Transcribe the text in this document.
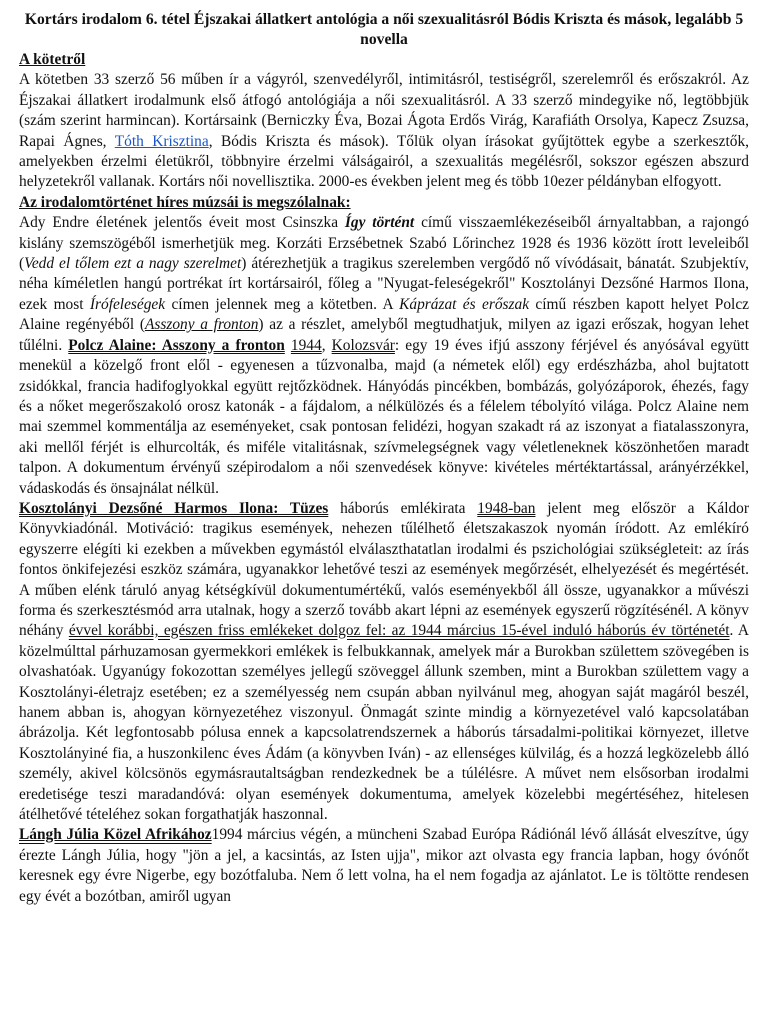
Kortárs irodalom 6. tétel Éjszakai állatkert antológia a női szexualitásról Bódis Kriszta és mások, legalább 5 novella

A kötetről

A kötetben 33 szerző 56 műben ír a vágyról, szenvedélyről, intimitásról, testiségről, szerelemről és erőszakról. Az Éjszakai állatkert irodalmunk első átfogó antológiája a női szexualitásról. A 33 szerző mindegyike nő, legtöbbjük (szám szerint harmincan). Kortársaink (Berniczky Éva, Bozai Ágota Erdős Virág, Karafiáth Orsolya, Kapecz Zsuzsa, Rapai Ágnes, Tóth Krisztina, Bódis Kriszta és mások). Tőlük olyan írásokat gyűjtöttek egybe a szerkesztők, amelyekben érzelmi életükről, többnyire érzelmi válságairól, a szexualitás megélésről, sokszor egészen abszurd helyzetekről vallanak. Kortárs női novellisztika. 2000-es években jelent meg és több 10ezer példányban elfogyott.

Az irodalomtörténet híres múzsái is megszólalnak:

Ady Endre életének jelentős éveit most Csinszka Így történt című visszaemlékezéseiből árnyaltabban, a rajongó kislány szemszögéből ismerhetjük meg. Korzáti Erzsébetnek Szabó Lőrinchez 1928 és 1936 között írott leveleiből (Vedd el tőlem ezt a nagy szerelmet) átérezhetjük a tragikus szerelemben vergődő nő vívódásait, bánatát. Szubjektív, néha kíméletlen hangú portrékat írt kortársairól, főleg a "Nyugat-feleségekről" Kosztolányi Dezsőné Harmos Ilona, ezek most Írófeleségek címen jelennek meg a kötetben. A Káprázat és erőszak című részben kapott helyet Polcz Alaine regényéből (Asszony a fronton) az a részlet, amelyből megtudhatjuk, milyen az igazi erőszak, hogyan lehet tűlélni. Polcz Alaine: Asszony a fronton 1944, Kolozsvár: egy 19 éves ifjú asszony férjével és anyósával együtt menekül a közelgő front elől - egyenesen a tűzvonalba, majd (a németek elől) egy erdészházba, ahol bujtatott zsidókkal, francia hadifoglyokkal együtt rejtőzködnek. Hányódás pincékben, bombázás, golyózáporok, éhezés, fagy és a nőket megerőszakoló orosz katonák - a fájdalom, a nélkülözés és a félelem tébolyító világa. Polcz Alaine nem mai szemmel kommentálja az eseményeket, csak pontosan felidézi, hogyan szakadt rá az iszonyat a fiatalasszonyra, aki mellől férjét is elhurcolták, és miféle vitalitásnak, szívmelegségnek vagy véletleneknek köszönhetően maradt talpon. A dokumentum érvényű szépirodalom a női szenvedések könyve: kivételes mértéktartással, arányérzékkel, vádaskodás és önsajnálat nélkül.

Kosztolányi Dezsőné Harmos Ilona: Tüzes háborús emlékirata 1948-ban jelent meg először a Káldor Könyvkiadónál. Motiváció: tragikus események, nehezen tűlélhető életszakaszok nyomán íródott. Az emlékíró egyszerre elégíti ki ezekben a művekben egymástól elválaszthatatlan irodalmi és pszichológiai szükségleteit: az írás fontos önkifejezési eszköz számára, ugyanakkor lehetővé teszi az események megőrzését, elhelyezését és megértését. A műben elénk táruló anyag kétségkívül dokumentumértékű, valós eseményekből áll össze, ugyanakkor a művészi forma és szerkesztésmód arra utalnak, hogy a szerző tovább akart lépni az események egyszerű rögzítésénél. A könyv néhány évvel korábbi, egészen friss emlékeket dolgoz fel: az 1944 március 15-ével induló háborús év történetét. A közelmúlttal párhuzamosan gyermekkori emlékek is felbukkannak, amelyek már a Burokban születtem szövegében is olvashatóak. Ugyanúgy fokozottan személyes jellegű szöveggel állunk szemben, mint a Burokban születtem vagy a Kosztolányi-életrajz esetében; ez a személyesség nem csupán abban nyilvánul meg, ahogyan saját magáról beszél, hanem abban is, ahogyan környezetéhez viszonyul. Önmagát szinte mindig a környezetével való kapcsolatában ábrázolja. Két legfontosabb pólusa ennek a kapcsolatrendszernek a háborús társadalmi-politikai környezet, illetve Kosztolányiné fia, a huszonkilenc éves Ádám (a könyvben Iván) - az ellenséges külvilág, és a hozzá legközelebb álló személy, akivel kölcsönös egymásrautaltságban rendezkednek be a túlélésre. A művet nem elsősorban irodalmi eredetisége teszi maradandóvá: olyan események dokumentuma, amelyek közelebbi megértéséhez, hitelesen átélhetővé tételéhez sokan forgathatják haszonnal.

Lángh Júlia Közel Afrikához1994 március végén, a müncheni Szabad Európa Rádiónál lévő állását elveszítve, úgy érezte Lángh Júlia, hogy "jön a jel, a kacsintás, az Isten ujja", mikor azt olvasta egy francia lapban, hogy óvónőt keresnek egy évre Nigerbe, egy bozótfaluba. Nem ő lett volna, ha el nem fogadja az ajánlatot. Le is töltötte rendesen egy évét a bozótban, amiről ugyan
